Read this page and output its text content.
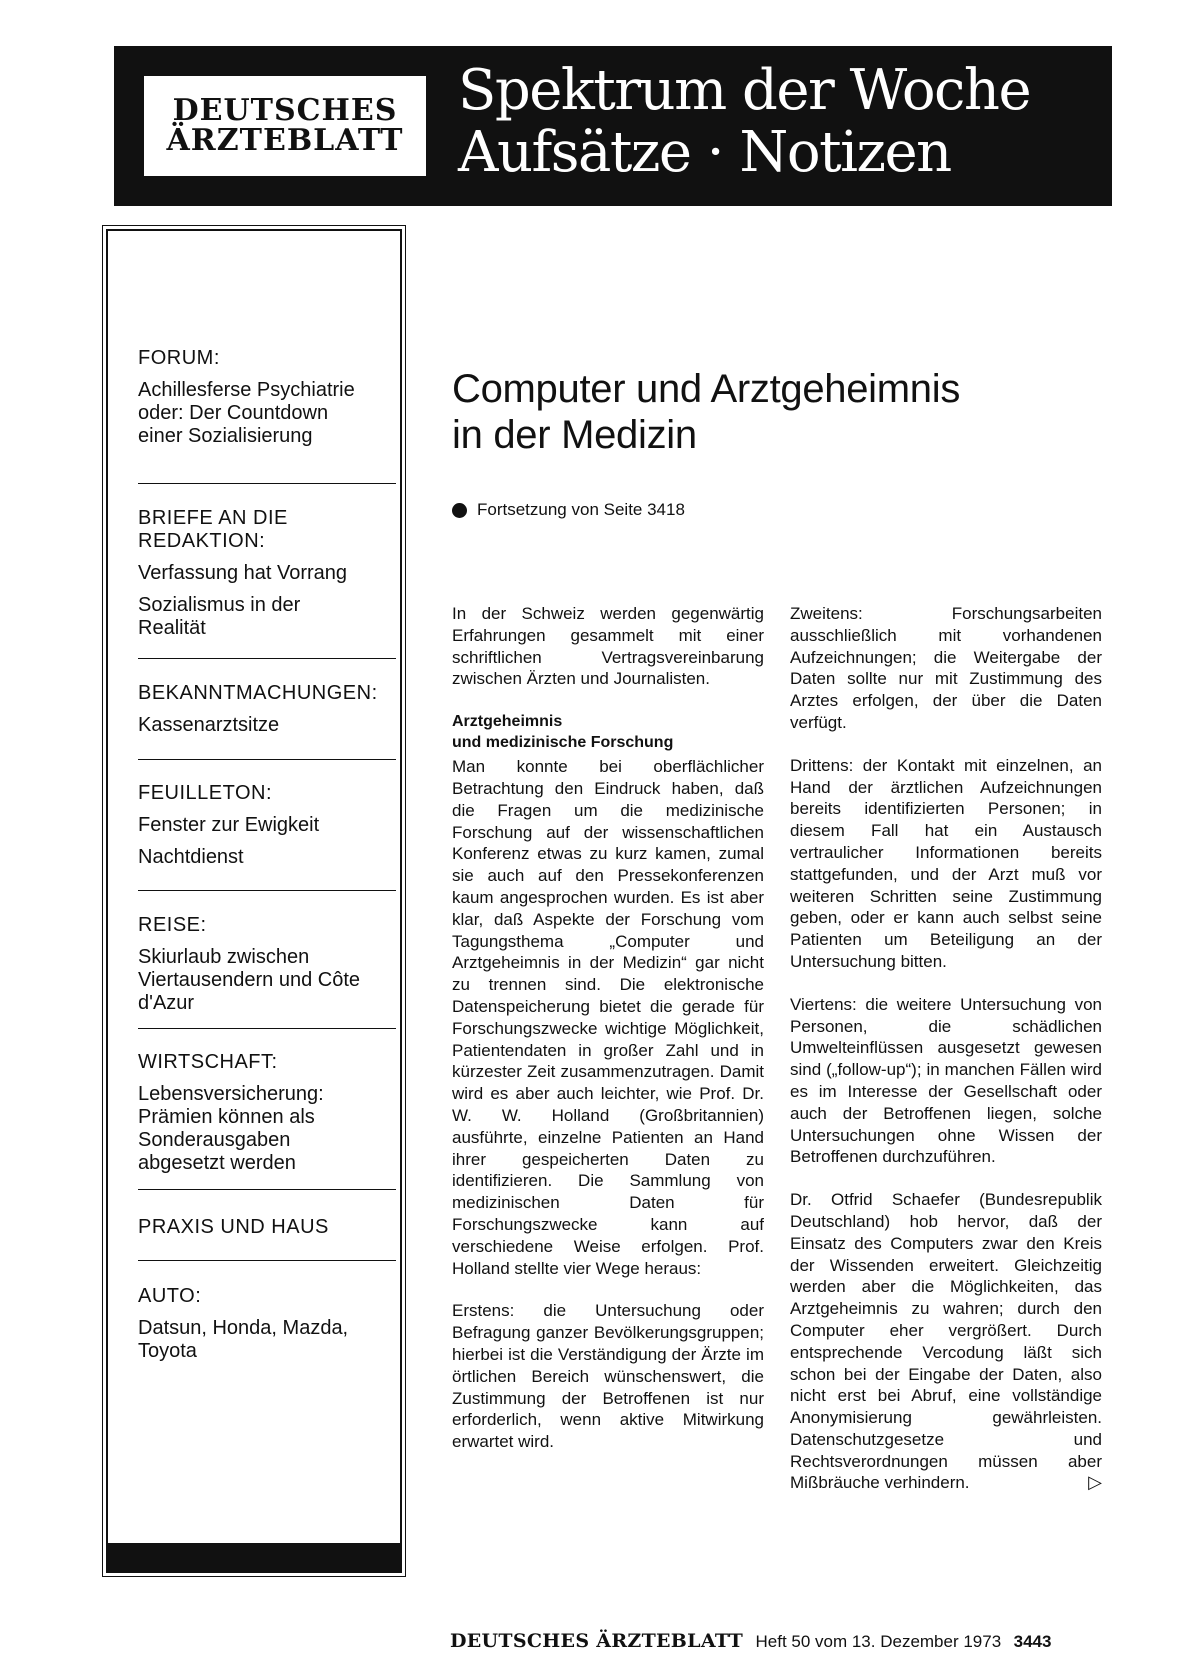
DEUTSCHES
ÄRZTEBLATT
Spektrum der Woche
Aufsätze · Notizen
FORUM:
Achillesferse Psychiatrie oder: Der Countdown einer Sozialisierung
BRIEFE AN DIE REDAKTION:
Verfassung hat Vorrang
Sozialismus in der Realität
BEKANNTMACHUNGEN:
Kassenarztsitze
FEUILLETON:
Fenster zur Ewigkeit
Nachtdienst
REISE:
Skiurlaub zwischen Viertausendern und Côte d'Azur
WIRTSCHAFT:
Lebensversicherung: Prämien können als Sonderausgaben abgesetzt werden
PRAXIS UND HAUS
AUTO:
Datsun, Honda, Mazda, Toyota
Computer und Arztgeheimnis
in der Medizin
Fortsetzung von Seite 3418

In der Schweiz werden gegenwärtig Erfahrungen gesammelt mit einer schriftlichen Vertragsvereinbarung zwischen Ärzten und Journalisten.

Arztgeheimnis
und medizinische Forschung

Man konnte bei oberflächlicher Betrachtung den Eindruck haben, daß die Fragen um die medizinische Forschung auf der wissenschaftlichen Konferenz etwas zu kurz kamen, zumal sie auch auf den Pressekonferenzen kaum angesprochen wurden. Es ist aber klar, daß Aspekte der Forschung vom Tagungsthema „Computer und Arztgeheimnis in der Medizin“ gar nicht zu trennen sind. Die elektronische Datenspeicherung bietet die gerade für Forschungszwecke wichtige Möglichkeit, Patientendaten in großer Zahl und in kürzester Zeit zusammenzutragen. Damit wird es aber auch leichter, wie Prof. Dr. W. W. Holland (Großbritannien) ausführte, einzelne Patienten an Hand ihrer gespeicherten Daten zu identifizieren. Die Sammlung von medizinischen Daten für Forschungszwecke kann auf verschiedene Weise erfolgen. Prof. Holland stellte vier Wege heraus:

Erstens: die Untersuchung oder Befragung ganzer Bevölkerungsgruppen; hierbei ist die Verständigung der Ärzte im örtlichen Bereich wünschenswert, die Zustimmung der Betroffenen ist nur erforderlich, wenn aktive Mitwirkung erwartet wird.

Zweitens: Forschungsarbeiten ausschließlich mit vorhandenen Aufzeichnungen; die Weitergabe der Daten sollte nur mit Zustimmung des Arztes erfolgen, der über die Daten verfügt.

Drittens: der Kontakt mit einzelnen, an Hand der ärztlichen Aufzeichnungen bereits identifizierten Personen; in diesem Fall hat ein Austausch vertraulicher Informationen bereits stattgefunden, und der Arzt muß vor weiteren Schritten seine Zustimmung geben, oder er kann auch selbst seine Patienten um Beteiligung an der Untersuchung bitten.

Viertens: die weitere Untersuchung von Personen, die schädlichen Umwelteinflüssen ausgesetzt gewesen sind („follow-up“); in manchen Fällen wird es im Interesse der Gesellschaft oder auch der Betroffenen liegen, solche Untersuchungen ohne Wissen der Betroffenen durchzuführen.

Dr. Otfrid Schaefer (Bundesrepublik Deutschland) hob hervor, daß der Einsatz des Computers zwar den Kreis der Wissenden erweitert. Gleichzeitig werden aber die Möglichkeiten, das Arztgeheimnis zu wahren; durch den Computer eher vergrößert. Durch entsprechende Vercodung läßt sich schon bei der Eingabe der Daten, also nicht erst bei Abruf, eine vollständige Anonymisierung gewährleisten. Datenschutzgesetze und Rechtsverordnungen müssen aber Mißbräuche verhindern.	▷

DEUTSCHES ÄRZTEBLATT Heft 50 vom 13. Dezember 1973 3443
